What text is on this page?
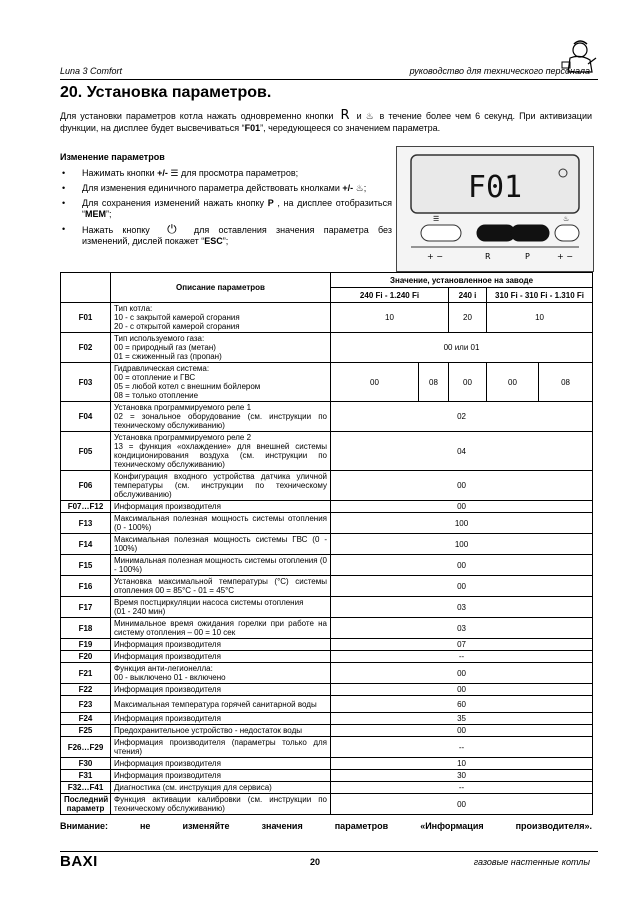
Luna 3 Comfort	руководство для технического персонала
20. Установка параметров.
Для установки параметров котла нажать одновременно кнопки R и ♨ в течение более чем 6 секунд. При активизации функции, на дисплее будет высвечиваться “F01”, чередующееся со значением параметра.
Изменение параметров
• Нажимать кнопки +/- ☰ для просмотра параметров;
• Для изменения единичного параметра действовать кнолками +/- ♨;
• Для сохранения изменений нажать кнопку P , на дисплее отобразиться “MEM”;
• Нажать кнопку ⏻ для оставления значения параметра без изменений, дислей покажет “ESC”;
F01
+ −	R	P	+ −
☰	♨
	Описание параметров	Значение, установленное на заводе				
		240 Fi - 1.240 Fi		240 i	310 Fi - 310 Fi - 1.310 Fi	
F01	Тип котла:
10 - с закрытой камерой сгорания
20 - с открытой камерой сгорания	10		20	10	
F02	Тип используемого газа:
00 = природный газ (метан)
01 = сжиженный газ (пропан)	00 или 01				
F03	Гидравлическая система:
00 = отопление и ГВС
05 = любой котел с внешним бойлером
08 = только отопление	00	08	00	00	08
F04	Установка программируемого реле 1
02 = зональное оборудование (см. инструкции по техническому обслуживанию)	02				
F05	Установка программируемого реле 2
13 = функция «охлаждение» для внешней системы кондиционирования воздуха (см. инструкции по техническому обслуживанию)	04				
F06	Конфигурация входного устройства датчика уличной температуры (см. инструкции по техническому обслуживанию)	00				
F07…F12	Информация производителя	00				
F13	Максимальная полезная мощность системы отопления (0 - 100%)	100				
F14	Максимальная полезная мощность системы ГВС (0 - 100%)	100				
F15	Минимальная полезная мощность системы отопления (0 - 100%)	00				
F16	Установка максимальной температуры (°C) системы отопления 00 = 85°C - 01 = 45°C	00				
F17	Время постциркуляции насоса системы отопления
(01 - 240 мин)	03				
F18	Минимальное время ожидания горелки при работе на систему отопления – 00 = 10 сек	03				
F19	Информация производителя	07				
F20	Информация производителя	--				
F21	Функция анти-легионелла:
00 - выключено 01 - включено	00				
F22	Информация производителя	00				
F23	Максимальная температура горячей санитарной воды	60				
F24	Информация производителя	35				
F25	Предохранительное устройство - недостаток воды	00				
F26…F29	Информация производителя (параметры только для чтения)	--				
F30	Информация производителя	10				
F31	Информация производителя	30				
F32…F41	Диагностика (см. инструкция для сервиса)	--				
Последний параметр	Функция активации калибровки (см. инструкции по техническому обслуживанию)	00				
Внимание:	не	изменяйте	значения	параметров	«Информация	производителя».
BAXI	20	газовые настенные котлы
